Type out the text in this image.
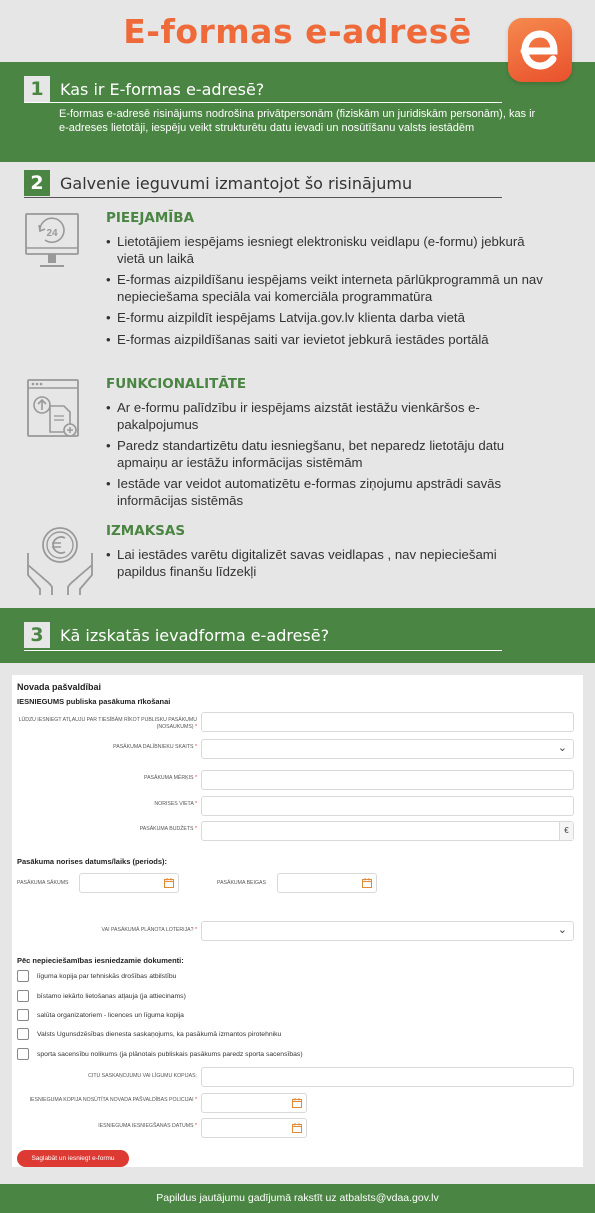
E-formas e-adresē
1	Kas ir E-formas e-adresē?

E-formas e-adresē risinājums nodrošina privātpersonām (fiziskām un juridiskām personām), kas ir e-adreses lietotāji, iespēju veikt strukturētu datu ievadi un nosūtīšanu valsts iestādēm

2	Galvenie ieguvumi izmantojot šo risinājumu
24
PIEEJAMĪBA
• Lietotājiem iespējams iesniegt elektronisku veidlapu (e-formu) jebkurā vietā un laikā
• E-formas aizpildīšanu iespējams veikt interneta pārlūkprogrammā un nav nepieciešama speciāla vai komerciāla programmatūra
• E-formu aizpildīt iespējams Latvija.gov.lv klienta darba vietā
• E-formas aizpildīšanas saiti var ievietot jebkurā iestādes portālā
FUNKCIONALITĀTE
• Ar e-formu palīdzību ir iespējams aizstāt iestāžu vienkāršos e-pakalpojumus
• Paredz standartizētu datu iesniegšanu, bet neparedz lietotāju datu apmaiņu ar iestāžu informācijas sistēmām
• Iestāde var veidot automatizētu e-formas ziņojumu apstrādi savās informācijas sistēmās
IZMAKSAS
• Lai iestādes varētu digitalizēt savas veidlapas , nav nepieciešami papildus finanšu līdzekļi
3	Kā izskatās ievadforma e-adresē?
Novada pašvaldībai
IESNIEGUMS publiska pasākuma rīkošanai
LŪDZU IESNIEGT ATĻAUJU PAR TIESĪBĀM RĪKOT PUBLISKU PASĀKUMU (NOSAUKUMS) *
PASĀKUMA DALĪBNIEKU SKAITS *
⌄
PASĀKUMA MĒRĶIS *
NORISES VIETA *
PASĀKUMA BUDŽETS *	€
Pasākuma norises datums/laiks (periods):
PASĀKUMA SĀKUMS	PASĀKUMA BEIGAS
VAI PASĀKUMĀ PLĀNOTA LOTERIJA? *
⌄
Pēc nepieciešamības iesniedzamie dokumenti:
līguma kopija par tehniskās drošības atbilstību
bīstamo iekārto lietošanas atļauja (ja attiecinams)
salūta organizatoriem - licences un līguma kopija
Valsts Ugunsdzēsības dienesta saskaņojums, ka pasākumā izmantos pirotehniku
sporta sacensību nolikums (ja plānotais publiskais pasākums paredz sporta sacensības)
CITU SASKAŅOJUMU VAI LĪGUMU KOPIJAS:
IESNIEGUMA KOPIJA NOSŪTĪTA NOVADA PAŠVALDĪBAS POLICIJAI *
IESNIEGUMA IESNIEGŠANAS DATUMS *
Saglabāt un iesniegt e-formu
Papildus jautājumu gadījumā rakstīt uz atbalsts@vdaa.gov.lv
